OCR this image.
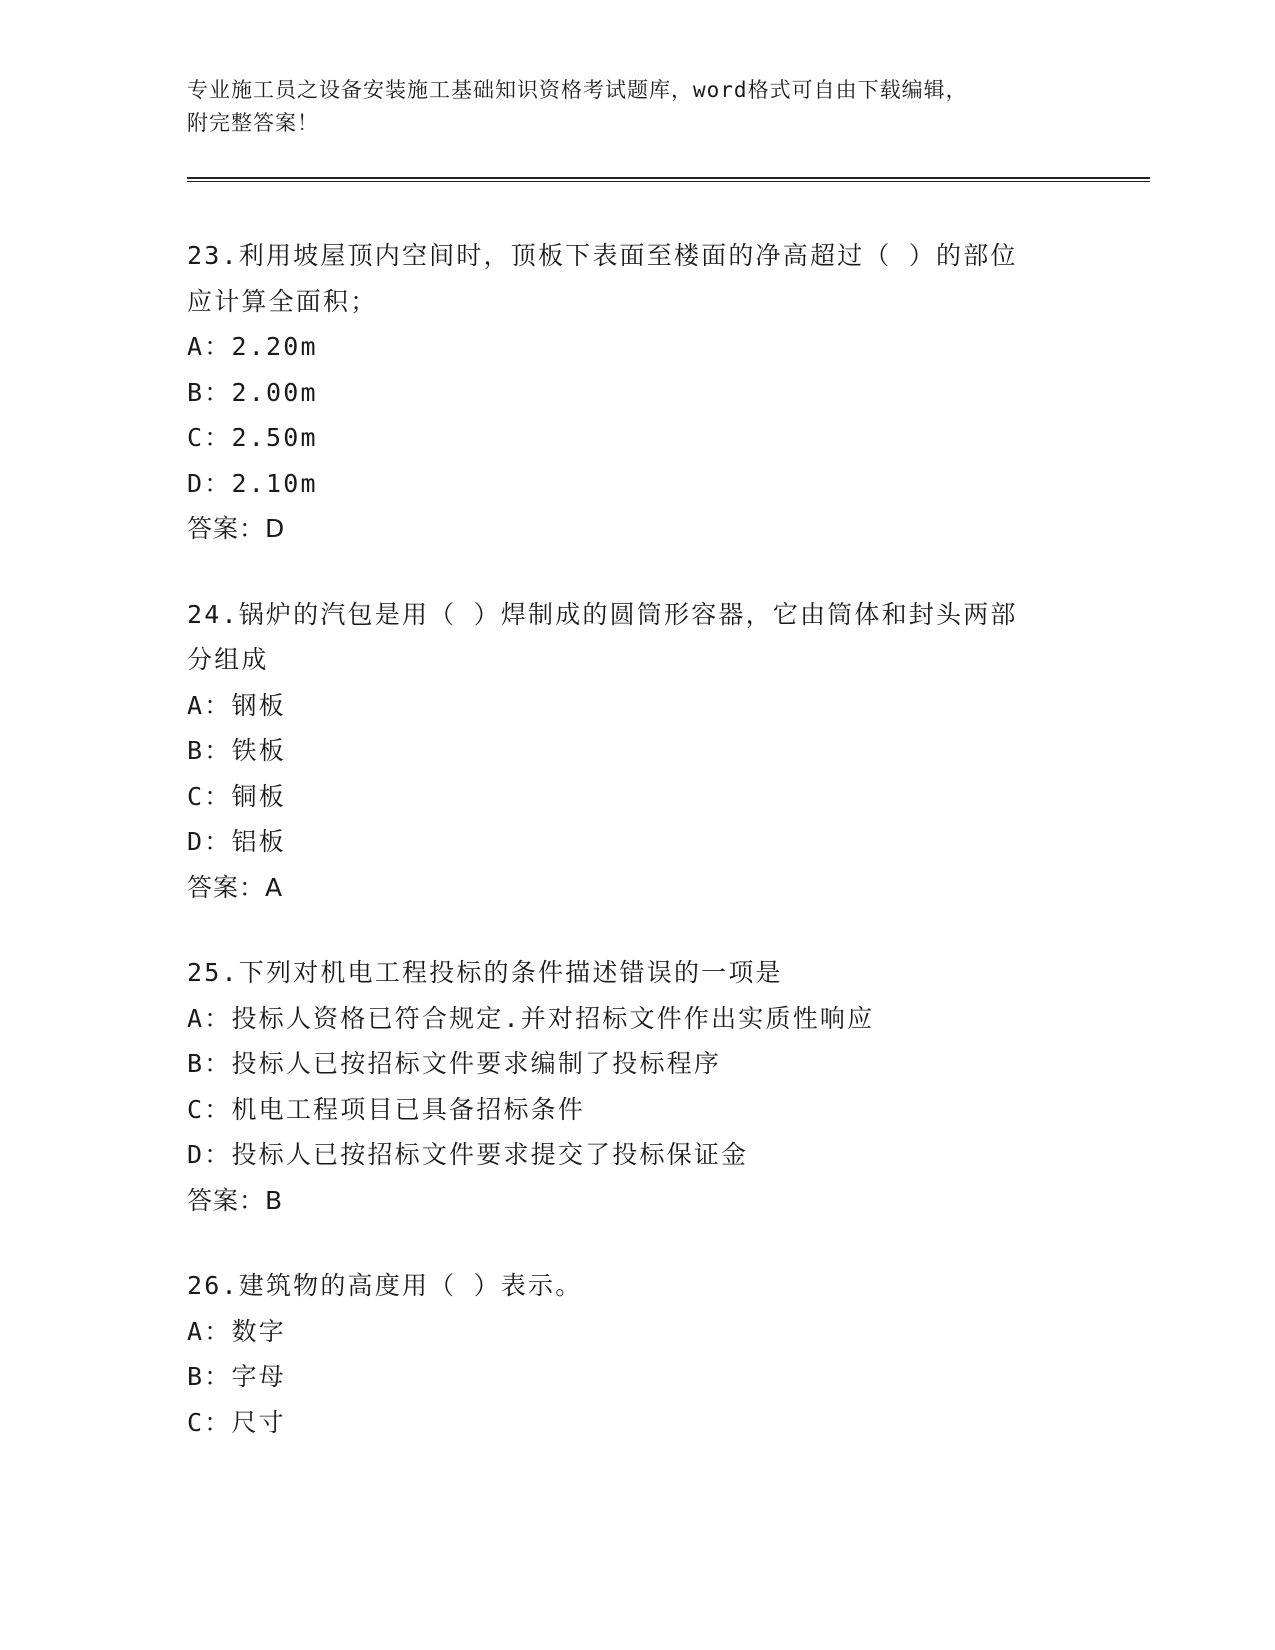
专业施工员之设备安装施工基础知识资格考试题库，word格式可自由下载编辑，
附完整答案！
23.利用坡屋顶内空间时，顶板下表面至楼面的净高超过（ ）的部位
应计算全面积；
A：2.20m
B：2.00m
C：2.50m
D：2.10m
答案：D
24.锅炉的汽包是用（ ）焊制成的圆筒形容器，它由筒体和封头两部
分组成
A：钢板
B：铁板
C：铜板
D：铝板
答案：A
25.下列对机电工程投标的条件描述错误的一项是
A：投标人资格已符合规定.并对招标文件作出实质性响应
B：投标人已按招标文件要求编制了投标程序
C：机电工程项目已具备招标条件
D：投标人已按招标文件要求提交了投标保证金
答案：B
26.建筑物的高度用（ ）表示。
A：数字
B：字母
C：尺寸
